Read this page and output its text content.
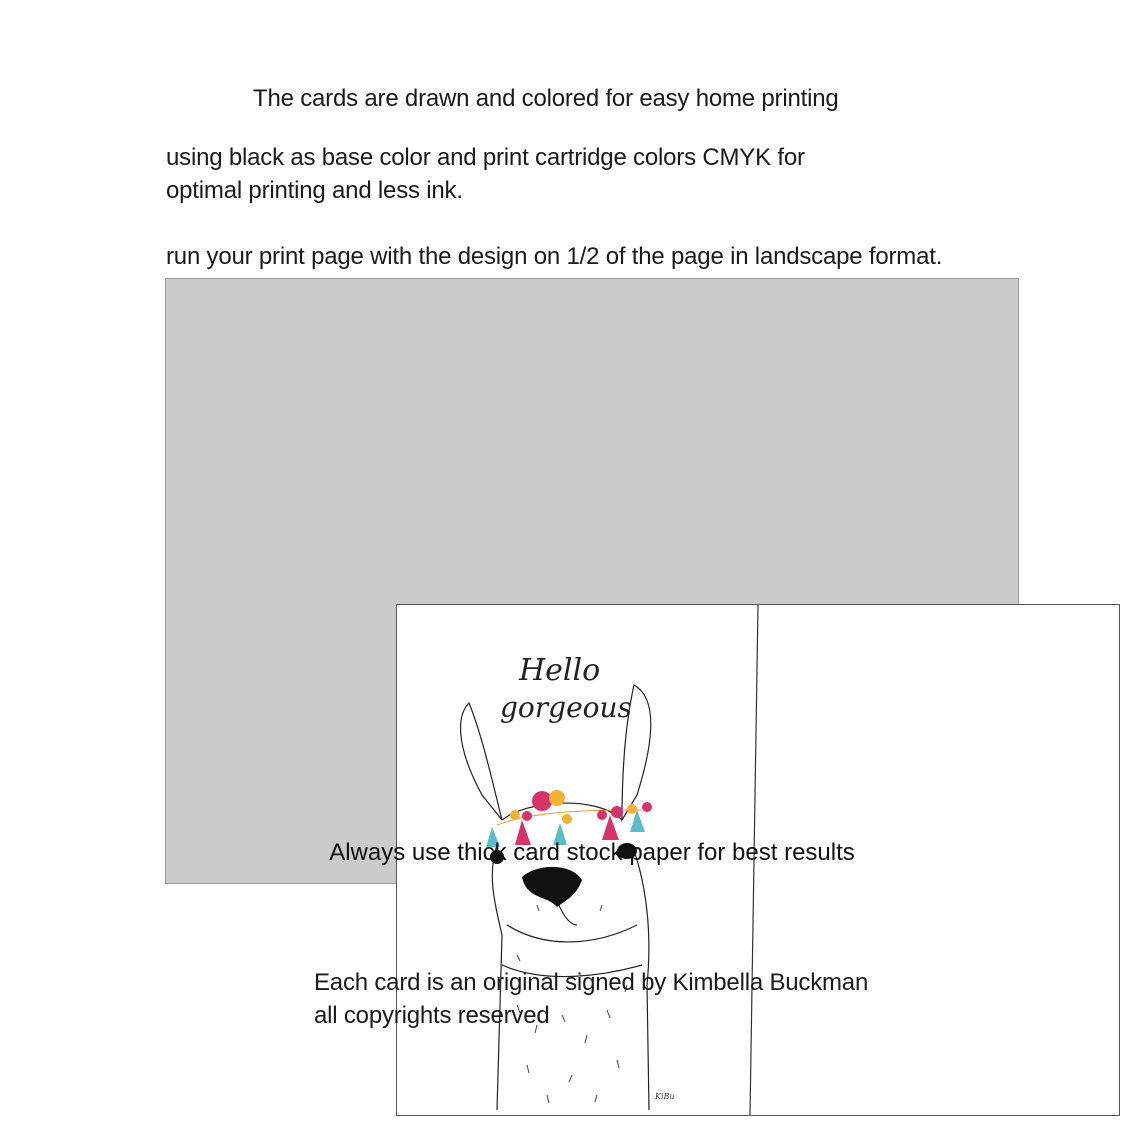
The cards are drawn and colored for easy home printing
using black as base color and print cartridge colors CMYK for
optimal printing and less ink.
run your print page with the design on 1/2 of the page in landscape format.
Hello
gorgeous
KiBu
Always use thick card stock paper for best results
Each card is an original signed by Kimbella Buckman
all copyrights reserved
